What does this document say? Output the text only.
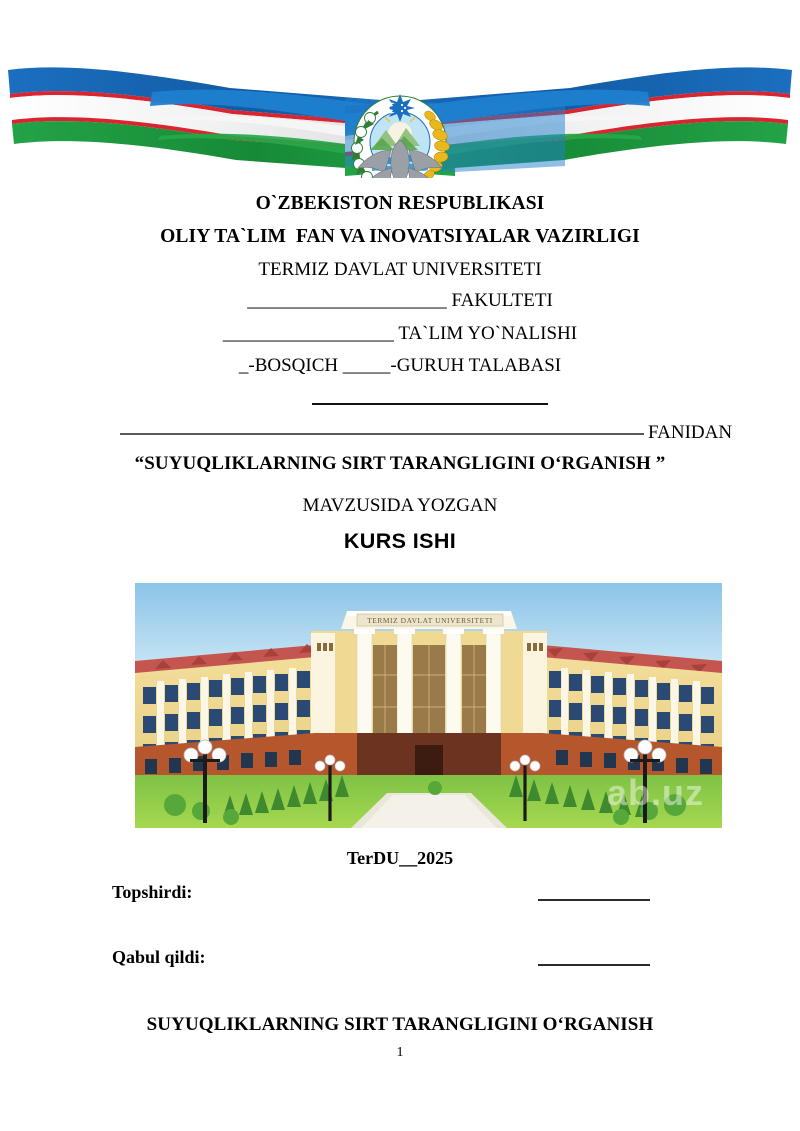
O`ZBEKISTON RESPUBLIKASI
OLIY TA`LIM  FAN VA INOVATSIYALAR VAZIRLIGI
TERMIZ DAVLAT UNIVERSITETI
_____________________ FAKULTETI
__________________ TA`LIM YO`NALISHI
_-BOSQICH _____-GURUH TALABASI
FANIDAN
“SUYUQLIKLARNING SIRT TARANGLIGINI O‘RGANISH ”
MAVZUSIDA YOZGAN
KURS ISHI
TERMIZ DAVLAT UNIVERSITETI
ab.uz
TerDU__2025
Topshirdi:
Qabul qildi:
SUYUQLIKLARNING SIRT TARANGLIGINI O‘RGANISH
1
